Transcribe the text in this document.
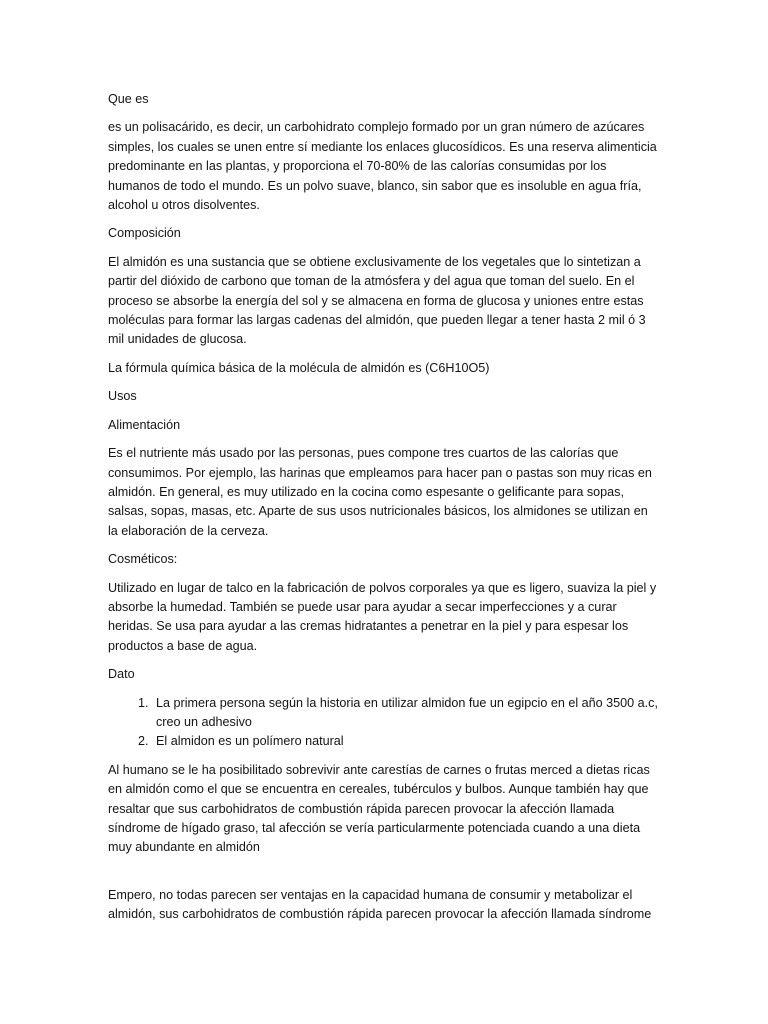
Que es

es un polisacárido, es decir, un carbohidrato complejo formado por un gran número de azúcares simples, los cuales se unen entre sí mediante los enlaces glucosídicos. Es una reserva alimenticia predominante en las plantas, y proporciona el 70-80% de las calorías consumidas por los humanos de todo el mundo. Es un polvo suave, blanco, sin sabor que es insoluble en agua fría, alcohol u otros disolventes.

Composición

El almidón es una sustancia que se obtiene exclusivamente de los vegetales que lo sintetizan a partir del dióxido de carbono que toman de la atmósfera y del agua que toman del suelo. En el proceso se absorbe la energía del sol y se almacena en forma de glucosa y uniones entre estas moléculas para formar las largas cadenas del almidón, que pueden llegar a tener hasta 2 mil ó 3 mil unidades de glucosa.

La fórmula química básica de la molécula de almidón es (C6H10O5)

Usos

Alimentación

Es el nutriente más usado por las personas, pues compone tres cuartos de las calorías que consumimos. Por ejemplo, las harinas que empleamos para hacer pan o pastas son muy ricas en almidón. En general, es muy utilizado en la cocina como espesante o gelificante para sopas, salsas, sopas, masas, etc. Aparte de sus usos nutricionales básicos, los almidones se utilizan en la elaboración de la cerveza.

Cosméticos:

Utilizado en lugar de talco en la fabricación de polvos corporales ya que es ligero, suaviza la piel y absorbe la humedad. También se puede usar para ayudar a secar imperfecciones y a curar heridas. Se usa para ayudar a las cremas hidratantes a penetrar en la piel y para espesar los productos a base de agua.

Dato

1. La primera persona según la historia en utilizar almidon fue un egipcio en el año 3500 a.c, creo un adhesivo
2. El almidon es un polímero natural

Al humano se le ha posibilitado sobrevivir ante carestías de carnes o frutas merced a dietas ricas en almidón como el que se encuentra en cereales, tubérculos y bulbos. Aunque también hay que resaltar que sus carbohidratos de combustión rápida parecen provocar la afección llamada síndrome de hígado graso, tal afección se vería particularmente potenciada cuando a una dieta muy abundante en almidón

Empero, no todas parecen ser ventajas en la capacidad humana de consumir y metabolizar el almidón, sus carbohidratos de combustión rápida parecen provocar la afección llamada síndrome
